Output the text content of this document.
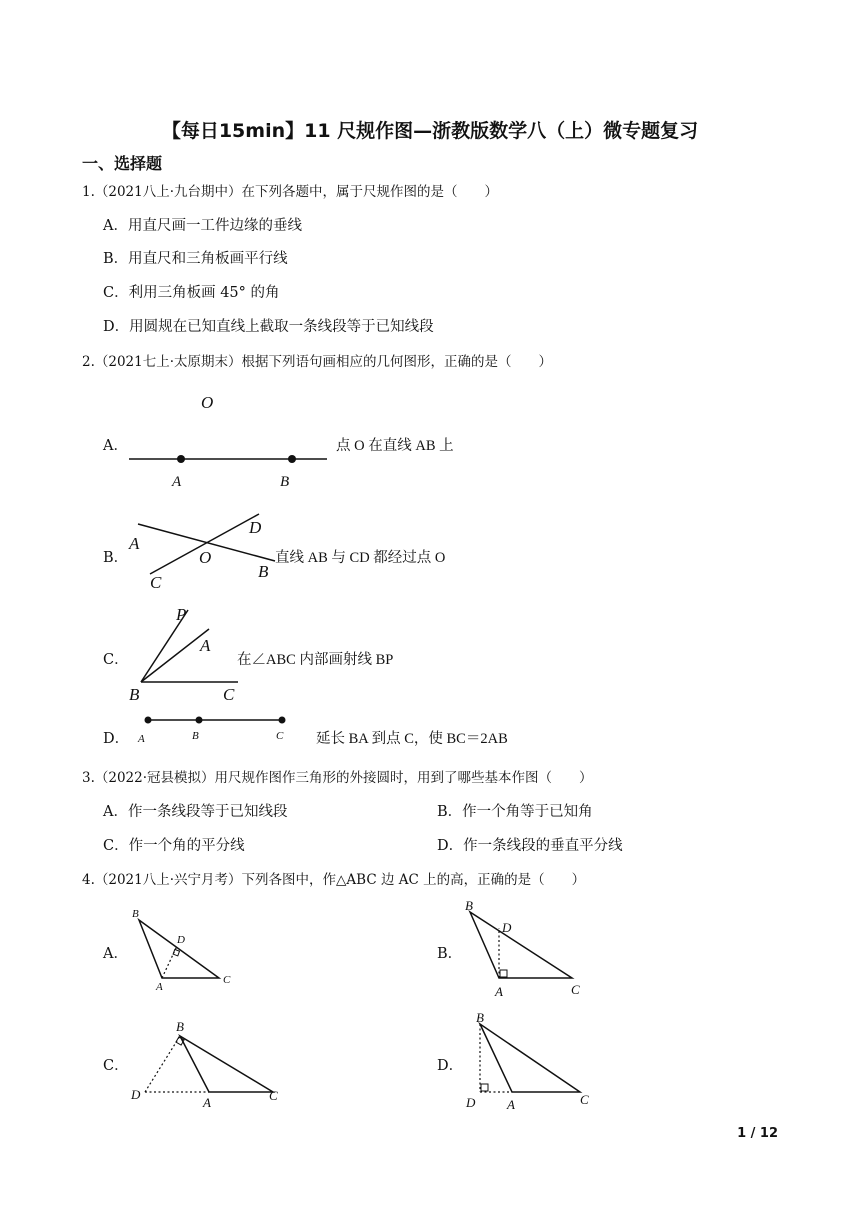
【每日15min】11 尺规作图—浙教版数学八（上）微专题复习
一、选择题
1.（2021八上·九台期中）在下列各题中，属于尺规作图的是（　　）
A．用直尺画一工件边缘的垂线
B．用直尺和三角板画平行线
C．利用三角板画 45° 的角
D．用圆规在已知直线上截取一条线段等于已知线段
2.（2021七上·太原期末）根据下列语句画相应的几何图形，正确的是（　　）
A．
O
A	B
点 O 在直线 AB 上
B．
A
D
O
C
B
直线 AB 与 CD 都经过点 O
C．
P
A
B	C
在∠ABC 内部画射线 BP
D． A	B	C 延长 BA 到点 C，使 BC＝2AB
3.（2022·冠县模拟）用尺规作图作三角形的外接圆时，用到了哪些基本作图（　　）
A．作一条线段等于已知线段	B．作一个角等于已知角
C．作一个角的平分线	D．作一条线段的垂直平分线
4.（2021八上·兴宁月考）下列各图中，作△ABC 边 AC 上的高，正确的是（　　）
A．
B
D
A
C
B．
B
D
A	C
C．
B
D
A	C
D．
B
D A	C
1 / 12
